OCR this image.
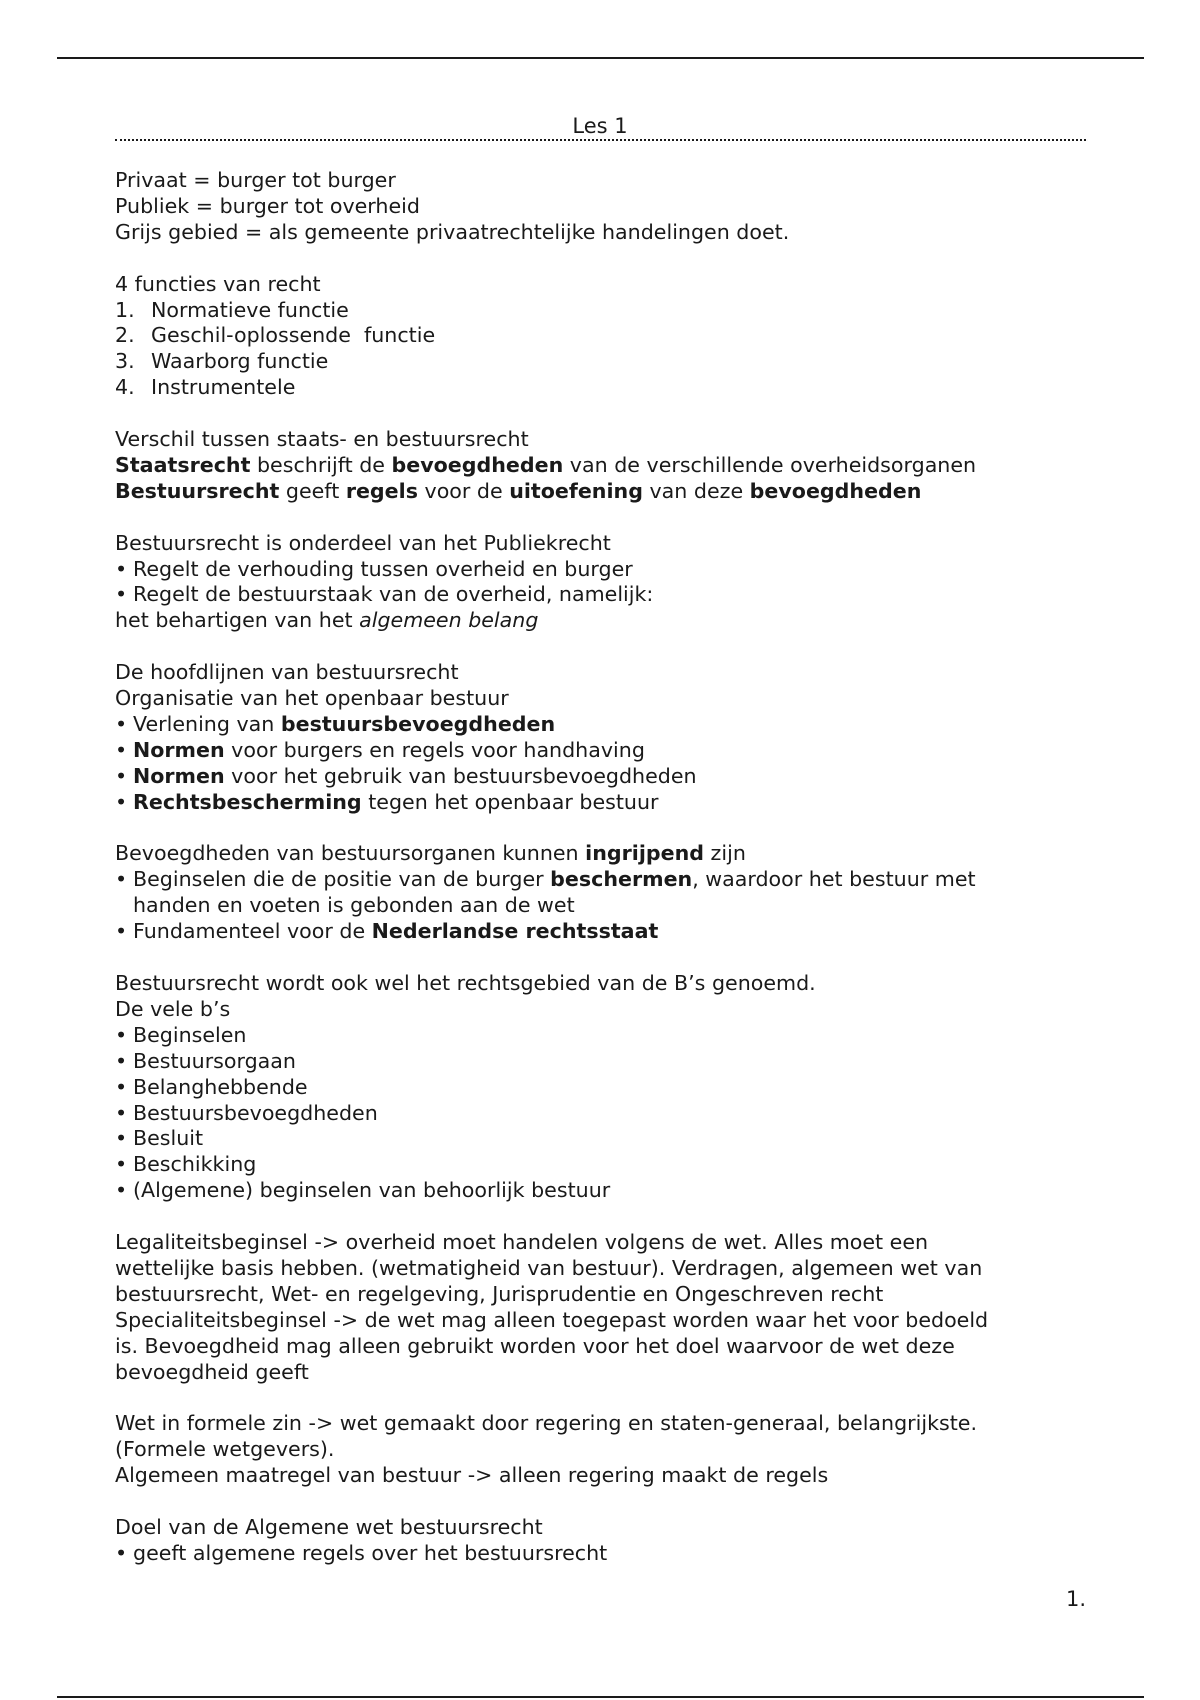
Les 1
Privaat = burger tot burger
Publiek = burger tot overheid
Grijs gebied = als gemeente privaatrechtelijke handelingen doet.
4 functies van recht
1. Normatieve functie
2. Geschil-oplossende  functie
3. Waarborg functie
4. Instrumentele
Verschil tussen staats- en bestuursrecht
Staatsrecht beschrijft de bevoegdheden van de verschillende overheidsorganen
Bestuursrecht geeft regels voor de uitoefening van deze bevoegdheden
Bestuursrecht is onderdeel van het Publiekrecht
• Regelt de verhouding tussen overheid en burger
• Regelt de bestuurstaak van de overheid, namelijk:
het behartigen van het algemeen belang
De hoofdlijnen van bestuursrecht
Organisatie van het openbaar bestuur
• Verlening van bestuursbevoegdheden
• Normen voor burgers en regels voor handhaving
• Normen voor het gebruik van bestuursbevoegdheden
• Rechtsbescherming tegen het openbaar bestuur
Bevoegdheden van bestuursorganen kunnen ingrijpend zijn
• Beginselen die de positie van de burger beschermen, waardoor het bestuur met
handen en voeten is gebonden aan de wet
• Fundamenteel voor de Nederlandse rechtsstaat
Bestuursrecht wordt ook wel het rechtsgebied van de B’s genoemd.
De vele b’s
• Beginselen
• Bestuursorgaan
• Belanghebbende
• Bestuursbevoegdheden
• Besluit
• Beschikking
• (Algemene) beginselen van behoorlijk bestuur
Legaliteitsbeginsel -> overheid moet handelen volgens de wet. Alles moet een
wettelijke basis hebben. (wetmatigheid van bestuur). Verdragen, algemeen wet van
bestuursrecht, Wet- en regelgeving, Jurisprudentie en Ongeschreven recht
Specialiteitsbeginsel -> de wet mag alleen toegepast worden waar het voor bedoeld
is. Bevoegdheid mag alleen gebruikt worden voor het doel waarvoor de wet deze
bevoegdheid geeft
Wet in formele zin -> wet gemaakt door regering en staten-generaal, belangrijkste.
(Formele wetgevers).
Algemeen maatregel van bestuur -> alleen regering maakt de regels
Doel van de Algemene wet bestuursrecht
• geeft algemene regels over het bestuursrecht
1.
